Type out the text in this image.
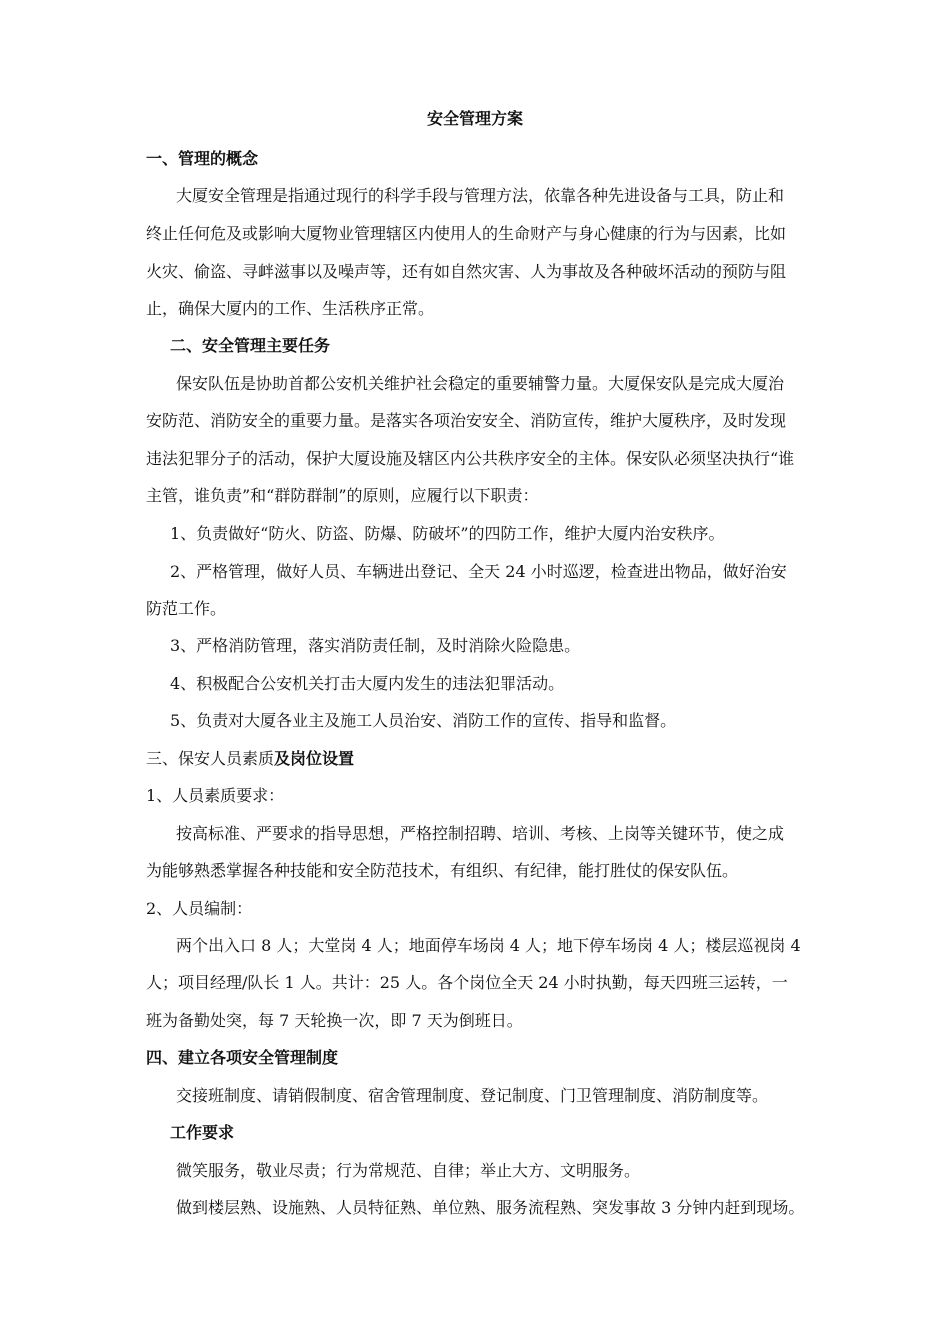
安全管理方案
一、管理的概念
大厦安全管理是指通过现行的科学手段与管理方法，依靠各种先进设备与工具，防止和
终止任何危及或影响大厦物业管理辖区内使用人的生命财产与身心健康的行为与因素，比如
火灾、偷盗、寻衅滋事以及噪声等，还有如自然灾害、人为事故及各种破坏活动的预防与阻
止，确保大厦内的工作、生活秩序正常。
二、安全管理主要任务
保安队伍是协助首都公安机关维护社会稳定的重要辅警力量。大厦保安队是完成大厦治
安防范、消防安全的重要力量。是落实各项治安安全、消防宣传，维护大厦秩序，及时发现
违法犯罪分子的活动，保护大厦设施及辖区内公共秩序安全的主体。保安队必须坚决执行“谁
主管，谁负责”和“群防群制”的原则，应履行以下职责：
1、负责做好“防火、防盗、防爆、防破坏”的四防工作，维护大厦内治安秩序。
2、严格管理，做好人员、车辆进出登记、全天 24 小时巡逻，检查进出物品，做好治安
防范工作。
3、严格消防管理，落实消防责任制，及时消除火险隐患。
4、积极配合公安机关打击大厦内发生的违法犯罪活动。
5、负责对大厦各业主及施工人员治安、消防工作的宣传、指导和监督。
三、保安人员素质及岗位设置
1、人员素质要求：
按高标准、严要求的指导思想，严格控制招聘、培训、考核、上岗等关键环节，使之成
为能够熟悉掌握各种技能和安全防范技术，有组织、有纪律，能打胜仗的保安队伍。
2、人员编制：
两个出入口 8 人；大堂岗 4 人；地面停车场岗 4 人；地下停车场岗 4 人；楼层巡视岗 4
人；项目经理/队长 1 人。共计：25 人。各个岗位全天 24 小时执勤，每天四班三运转，一
班为备勤处突，每 7 天轮换一次，即 7 天为倒班日。
四、建立各项安全管理制度
交接班制度、请销假制度、宿舍管理制度、登记制度、门卫管理制度、消防制度等。
工作要求
微笑服务，敬业尽责；行为常规范、自律；举止大方、文明服务。
做到楼层熟、设施熟、人员特征熟、单位熟、服务流程熟、突发事故 3 分钟内赶到现场。
